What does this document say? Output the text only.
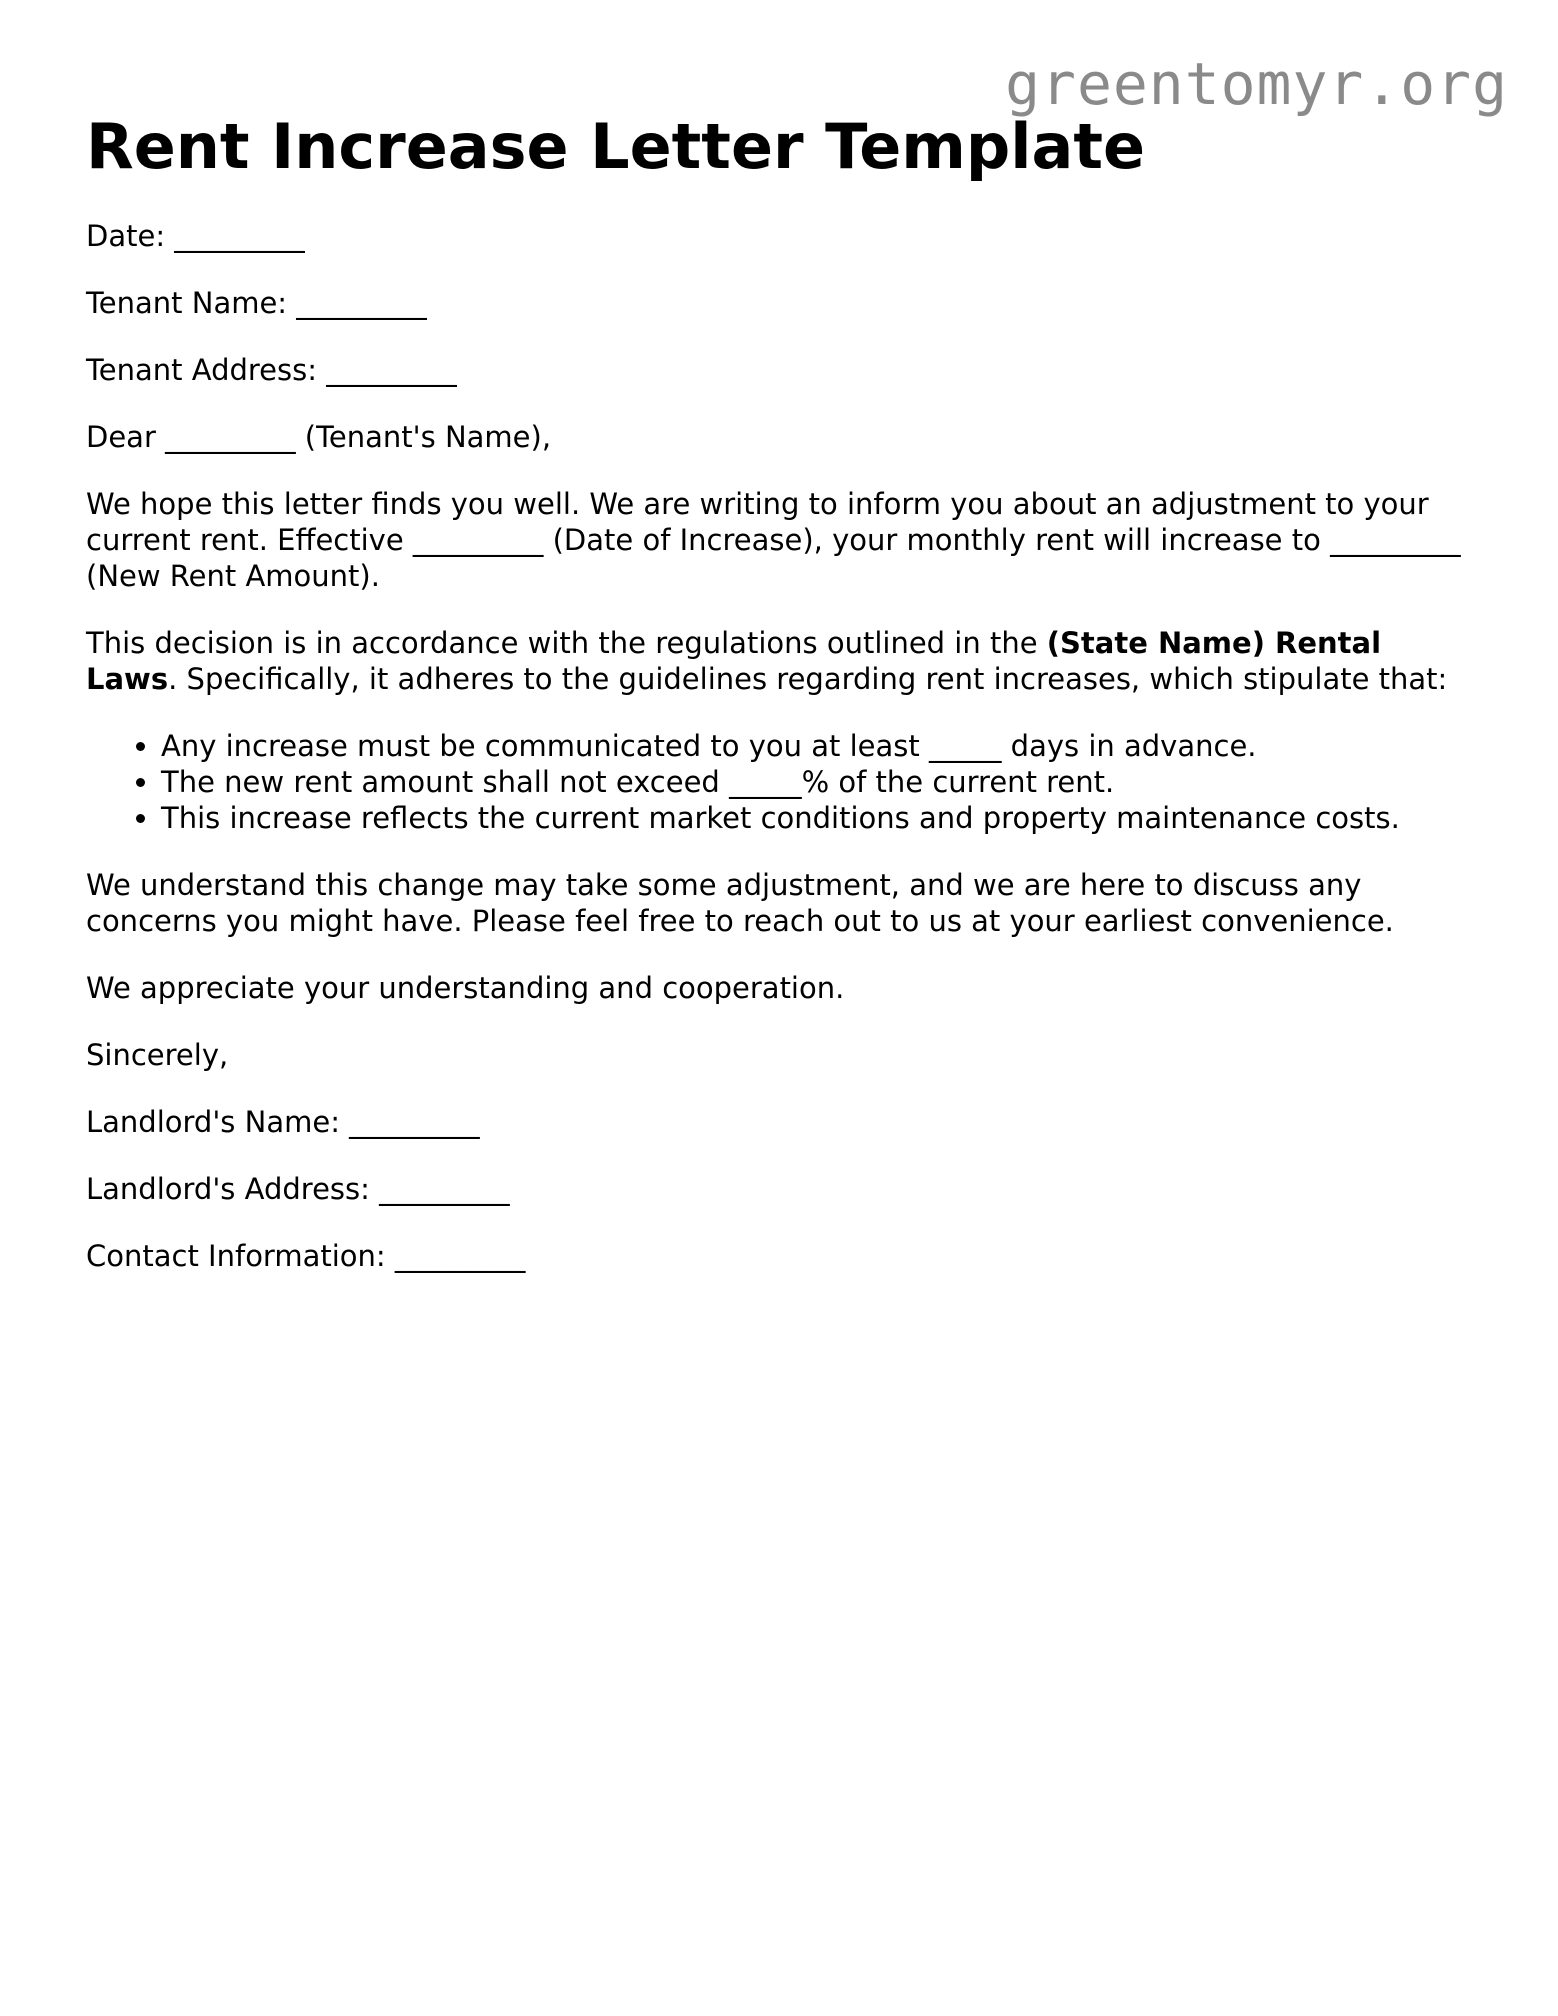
greentomyr.org
Rent Increase Letter Template

Date: _________

Tenant Name: _________

Tenant Address: _________

Dear _________ (Tenant's Name),

We hope this letter finds you well. We are writing to inform you about an adjustment to your current rent. Effective _________ (Date of Increase), your monthly rent will increase to _________ (New Rent Amount).

This decision is in accordance with the regulations outlined in the (State Name) Rental Laws. Specifically, it adheres to the guidelines regarding rent increases, which stipulate that:

• Any increase must be communicated to you at least _____ days in advance.
• The new rent amount shall not exceed _____% of the current rent.
• This increase reflects the current market conditions and property maintenance costs.

We understand this change may take some adjustment, and we are here to discuss any concerns you might have. Please feel free to reach out to us at your earliest convenience.

We appreciate your understanding and cooperation.

Sincerely,

Landlord's Name: _________

Landlord's Address: _________

Contact Information: _________
